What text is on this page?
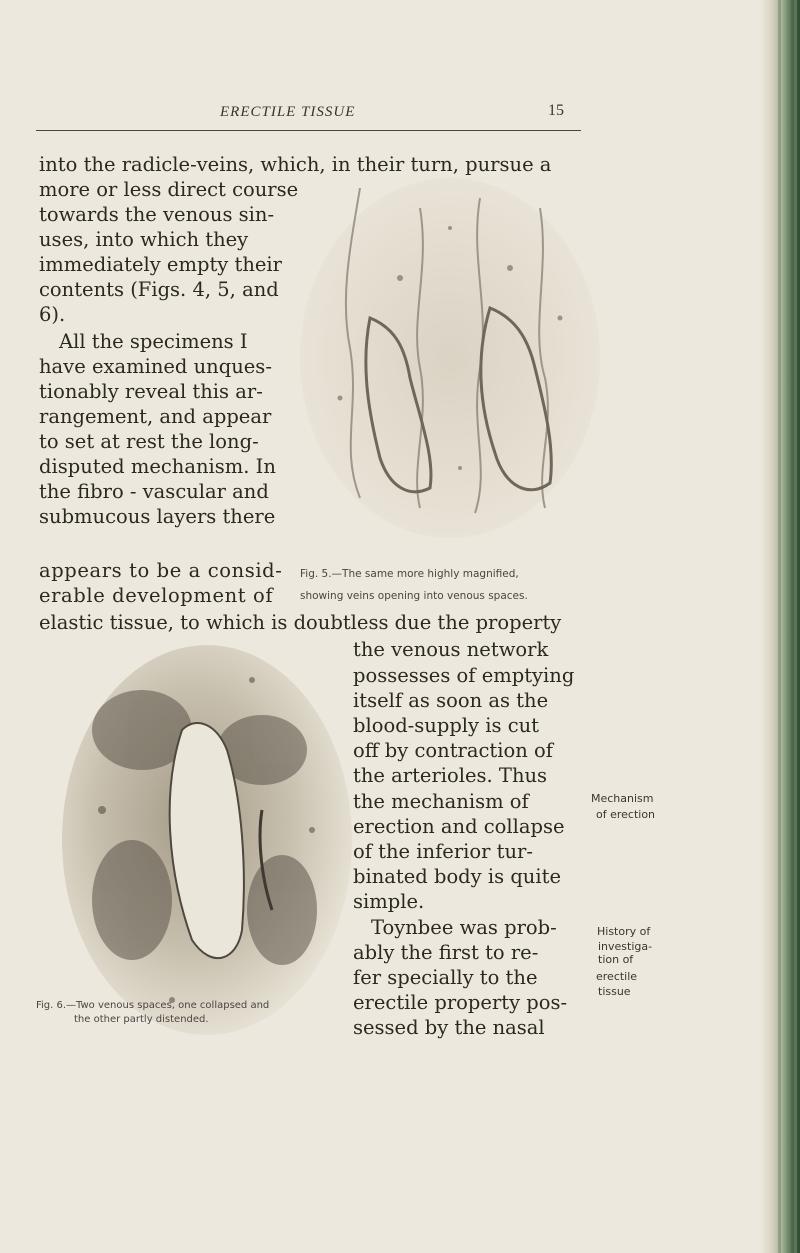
ERECTILE TISSUE	15
into the radicle-veins, which, in their turn, pursue a
more or less direct course
towards the venous sin-
uses, into which they
immediately empty their
contents (Figs. 4, 5, and
6).
All the specimens I
have examined unques-
tionably reveal this ar-
rangement, and appear
to set at rest the long-
disputed mechanism. In
the fibro - vascular and
submucous layers there
appears to be a consid-
erable development of
Fig. 5.—The same more highly magnified,
showing veins opening into venous spaces.
elastic tissue, to which is doubtless due the property
the venous network
possesses of emptying
itself as soon as the
blood-supply is cut
off by contraction of
the arterioles. Thus
the mechanism of
erection and collapse
of the inferior tur-
binated body is quite
simple.
Toynbee was prob-
ably the first to re-
fer specially to the
erectile property pos-
sessed by the nasal
Fig. 6.—Two venous spaces, one collapsed and
the other partly distended.
Mechanism
of erection
History of
investiga-
tion of
erectile
tissue
